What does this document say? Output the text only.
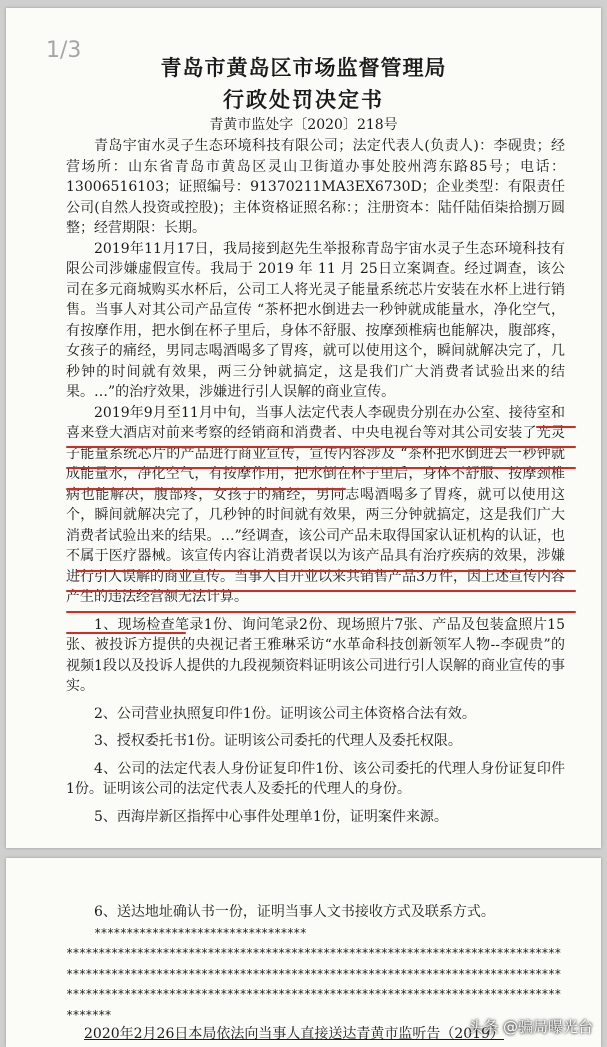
1/3
青岛市黄岛区市场监督管理局
行政处罚决定书
青黄市监处字〔2020〕218号

青岛宇宙水灵子生态环境科技有限公司；法定代表人(负责人)：李砚贵；经营场所：山东省青岛市黄岛区灵山卫街道办事处胶州湾东路85号；电话：13006516103；证照编号：91370211MA3EX6730D；企业类型：有限责任公司(自然人投资或控股)；主体资格证照名称：；注册资本：陆仟陆佰柒拾捌万圆整；经营期限：长期。

2019年11月17日，我局接到赵先生举报称青岛宇宙水灵子生态环境科技有限公司涉嫌虚假宣传。我局于 2019 年 11 月 25日立案调查。经过调查，该公司在多元商城购买水杯后，公司工人将光灵子能量系统芯片安装在水杯上进行销售。当事人对其公司产品宣传 “茶杯把水倒进去一秒钟就成能量水，净化空气，有按摩作用，把水倒在杯子里后，身体不舒服、按摩颈椎病也能解决，腹部疼，女孩子的痛经，男同志喝酒喝多了胃疼，就可以使用这个，瞬间就解决完了，几秒钟的时间就有效果，两三分钟就搞定，这是我们广大消费者试验出来的结果。…”的治疗效果，涉嫌进行引人误解的商业宣传。

2019年9月至11月中旬，当事人法定代表人李砚贵分别在办公室、接待室和喜来登大酒店对前来考察的经销商和消费者、中央电视台等对其公司安装了光灵子能量系统芯片的产品进行商业宣传，宣传内容涉及 “茶杯把水倒进去一秒钟就成能量水，净化空气，有按摩作用，把水倒在杯子里后，身体不舒服、按摩颈椎病也能解决，腹部疼，女孩子的痛经，男同志喝酒喝多了胃疼，就可以使用这个，瞬间就解决完了，几秒钟的时间就有效果，两三分钟就搞定，这是我们广大消费者试验出来的结果。…”经调查，该公司产品未取得国家认证机构的认证，也不属于医疗器械。该宣传内容让消费者误以为该产品具有治疗疾病的效果，涉嫌进行引人误解的商业宣传。当事人自开业以来共销售产品3万件，因上述宣传内容产生的违法经营额无法计算。

1、现场检查笔录1份、询问笔录2份、现场照片7张、产品及包装盒照片15张、被投诉方提供的央视记者王雅琳采访“水革命科技创新领军人物--李砚贵”的视频1段以及投诉人提供的九段视频资料证明该公司进行引人误解的商业宣传的事实。

2、公司营业执照复印件1份。证明该公司主体资格合法有效。

3、授权委托书1份。证明该公司委托的代理人及委托权限。

4、公司的法定代表人身份证复印件1份、该公司委托的代理人身份证复印件1份。证明该公司的法定代表人及委托的代理人的身份。

5、西海岸新区指挥中心事件处理单1份，证明案件来源。

6、送达地址确认书一份，证明当事人文书接收方式及联系方式。

*********************************

**********************************************************************************************************************************************************************************************************************************************

2020年2月26日本局依法向当事人直接送达青黄市监听告（2019）
头条 @骗局曝光台
